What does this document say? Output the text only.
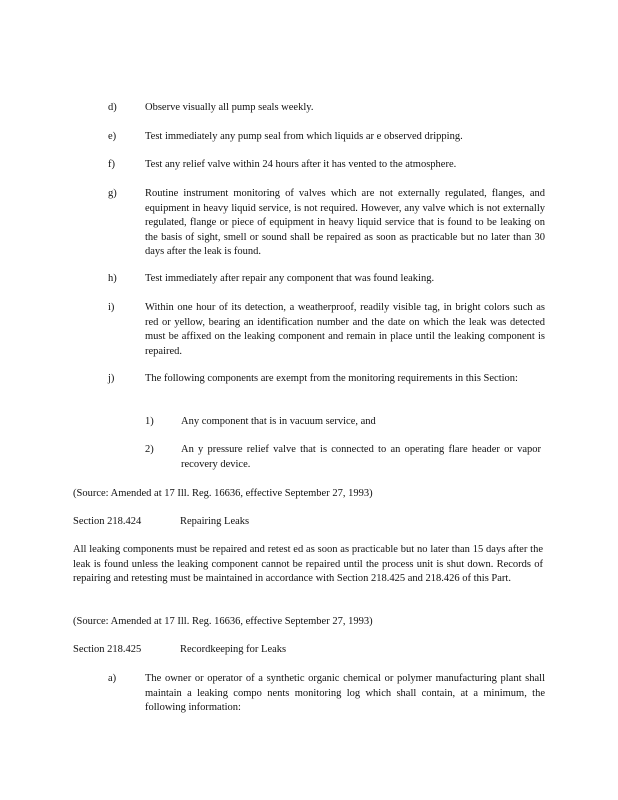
d)	Observe visually all pump seals weekly.
e)	Test immediately any pump seal from which liquids ar e observed dripping.
f)	Test any relief valve within 24 hours after it has vented to the atmosphere.
g)	Routine instrument monitoring of valves which are not externally regulated, flanges, and equipment in heavy liquid service, is not required. However, any valve which is not externally regulated, flange or piece of equipment in heavy liquid service that is found to be leaking on the basis of sight, smell or sound shall be repaired as soon as practicable but no later than 30 days after the leak is found.
h)	Test immediately after repair any component that was found leaking.
i)	Within one hour of its detection, a weatherproof, readily visible tag, in bright colors such as red or yellow, bearing an identification number and the date on which the leak was detected must be affixed on the leaking component and remain in place until the leaking component is repaired.
j)	The following components are exempt from the monitoring requirements in this Section:
1)	Any component that is in vacuum service, and
2)	An y pressure relief valve that is connected to an operating flare header or vapor recovery device.
(Source: Amended at 17 Ill. Reg. 16636, effective September 27, 1993)
Section 218.424	Repairing Leaks
All leaking components must be repaired and retest ed as soon as practicable but no later than 15 days after the leak is found unless the leaking component cannot be repaired until the process unit is shut down. Records of repairing and retesting must be maintained in accordance with Section 218.425 and 218.426 of this Part.
(Source: Amended at 17 Ill. Reg. 16636, effective September 27, 1993)
Section 218.425	Recordkeeping for Leaks
a)	The owner or operator of a synthetic organic chemical or polymer manufacturing plant shall maintain a leaking compo nents monitoring log which shall contain, at a minimum, the following information:
